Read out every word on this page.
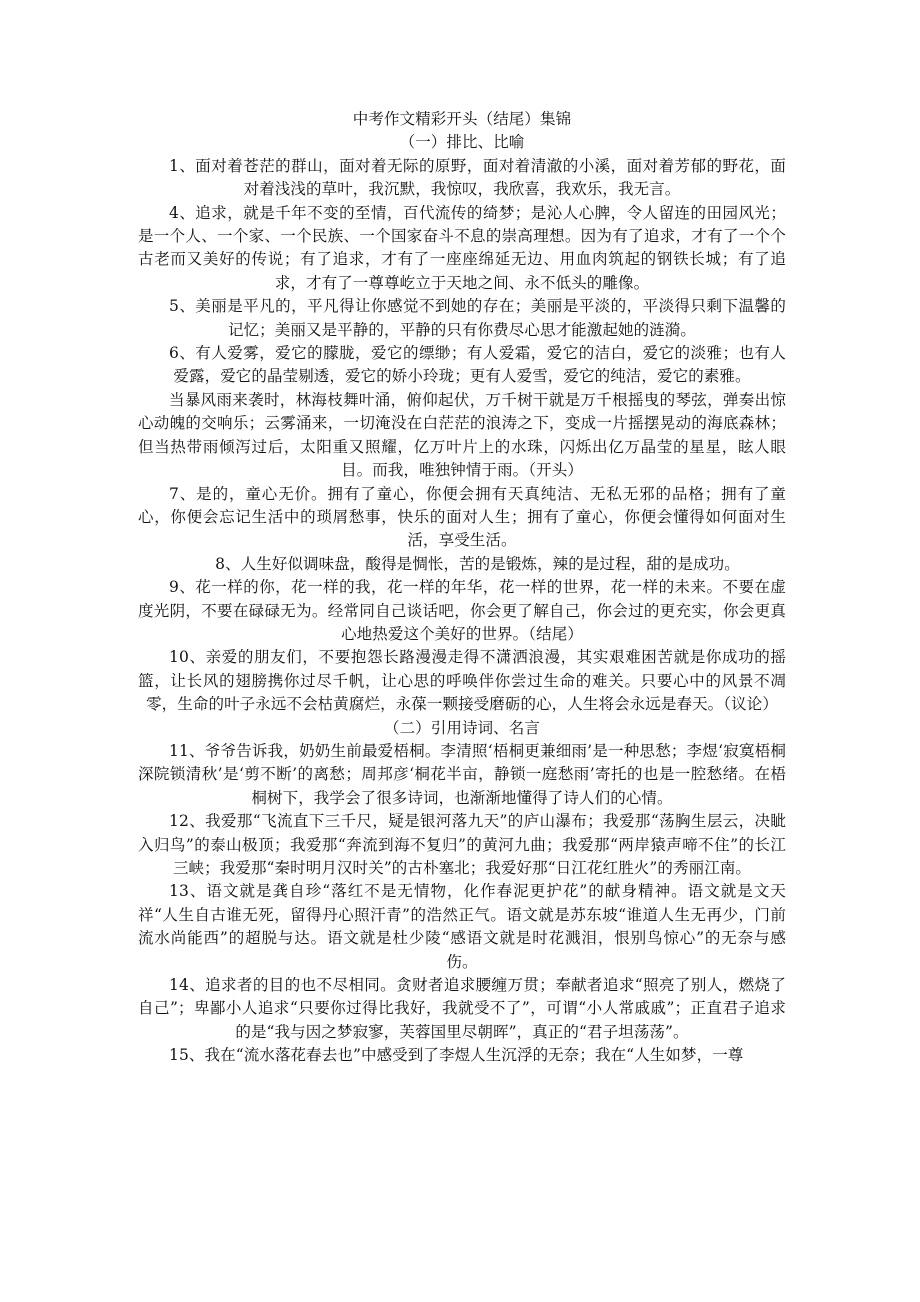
中考作文精彩开头（结尾）集锦

（一）排比、比喻

1、面对着苍茫的群山，面对着无际的原野，面对着清澈的小溪，面对着芳郁的野花，面对着浅浅的草叶，我沉默，我惊叹，我欣喜，我欢乐，我无言。

4、追求，就是千年不变的至情，百代流传的绮梦；是沁人心脾，令人留连的田园风光；是一个人、一个家、一个民族、一个国家奋斗不息的崇高理想。因为有了追求，才有了一个个古老而又美好的传说；有了追求，才有了一座座绵延无边、用血肉筑起的钢铁长城；有了追求，才有了一尊尊屹立于天地之间、永不低头的雕像。

5、美丽是平凡的，平凡得让你感觉不到她的存在；美丽是平淡的，平淡得只剩下温馨的记忆；美丽又是平静的，平静的只有你费尽心思才能激起她的涟漪。

6、有人爱雾，爱它的朦胧，爱它的缥缈；有人爱霜，爱它的洁白，爱它的淡雅；也有人爱露，爱它的晶莹剔透，爱它的娇小玲珑；更有人爱雪，爱它的纯洁，爱它的素雅。

当暴风雨来袭时，林海枝舞叶涌，俯仰起伏，万千树干就是万千根摇曳的琴弦，弹奏出惊心动魄的交响乐；云雾涌来，一切淹没在白茫茫的浪涛之下，变成一片摇摆晃动的海底森林；但当热带雨倾泻过后，太阳重又照耀，亿万叶片上的水珠，闪烁出亿万晶莹的星星，眩人眼目。而我，唯独钟情于雨。（开头）

7、是的，童心无价。拥有了童心，你便会拥有天真纯洁、无私无邪的品格；拥有了童心，你便会忘记生活中的琐屑愁事，快乐的面对人生；拥有了童心，你便会懂得如何面对生活，享受生活。

8、人生好似调味盘，酸得是惆怅，苦的是锻炼，辣的是过程，甜的是成功。

9、花一样的你，花一样的我，花一样的年华，花一样的世界，花一样的未来。不要在虚度光阴，不要在碌碌无为。经常同自己谈话吧，你会更了解自己，你会过的更充实，你会更真心地热爱这个美好的世界。（结尾）

10、亲爱的朋友们，不要抱怨长路漫漫走得不潇洒浪漫，其实艰难困苦就是你成功的摇篮，让长风的翅膀携你过尽千帆，让心思的呼唤伴你尝过生命的难关。只要心中的风景不凋零，生命的叶子永远不会枯黄腐烂，永葆一颗接受磨砺的心，人生将会永远是春天。（议论）

（二）引用诗词、名言

11、爷爷告诉我，奶奶生前最爱梧桐。李清照‘梧桐更兼细雨’是一种思愁；李煜‘寂寞梧桐深院锁清秋’是‘剪不断’的离愁；周邦彦‘桐花半亩，静锁一庭愁雨’寄托的也是一腔愁绪。在梧桐树下，我学会了很多诗词，也渐渐地懂得了诗人们的心情。

12、我爱那“飞流直下三千尺，疑是银河落九天”的庐山瀑布；我爱那“荡胸生层云，决眦入归鸟”的泰山极顶；我爱那“奔流到海不复归”的黄河九曲；我爱那“两岸猿声啼不住”的长江三峡；我爱那“秦时明月汉时关”的古朴塞北；我爱好那“日江花红胜火”的秀丽江南。

13、语文就是龚自珍“落红不是无情物，化作春泥更护花”的献身精神。语文就是文天祥“人生自古谁无死，留得丹心照汗青”的浩然正气。语文就是苏东坡“谁道人生无再少，门前流水尚能西”的超脱与达。语文就是杜少陵“感语文就是时花溅泪，恨别鸟惊心”的无奈与感伤。

14、追求者的目的也不尽相同。贪财者追求腰缠万贯；奉献者追求“照亮了别人，燃烧了自己”；卑鄙小人追求“只要你过得比我好，我就受不了”，可谓“小人常戚戚”；正直君子追求的是“我与因之梦寂寥，芙蓉国里尽朝晖”，真正的“君子坦荡荡”。

15、我在“流水落花春去也”中感受到了李煜人生沉浮的无奈；我在“人生如梦，一尊
